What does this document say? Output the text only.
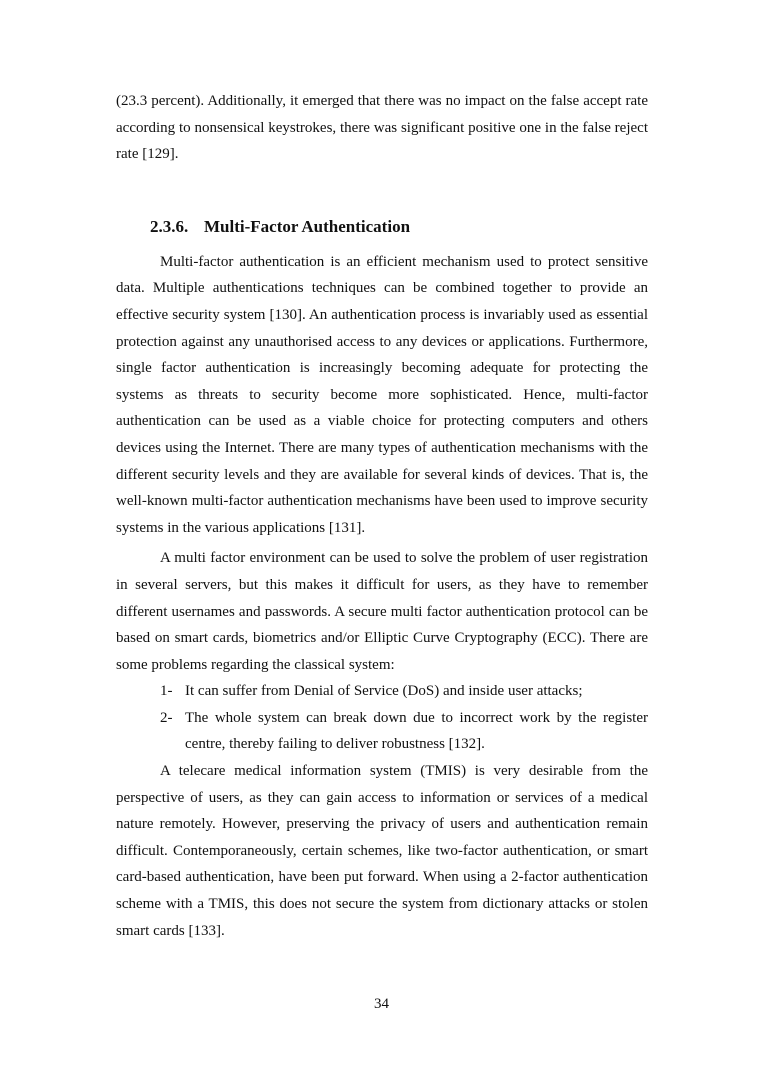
(23.3 percent). Additionally, it emerged that there was no impact on the false accept rate according to nonsensical keystrokes, there was significant positive one in the false reject rate [129].

2.3.6. Multi-Factor Authentication

Multi-factor authentication is an efficient mechanism used to protect sensitive data. Multiple authentications techniques can be combined together to provide an effective security system [130]. An authentication process is invariably used as essential protection against any unauthorised access to any devices or applications. Furthermore, single factor authentication is increasingly becoming adequate for protecting the systems as threats to security become more sophisticated. Hence, multi-factor authentication can be used as a viable choice for protecting computers and others devices using the Internet. There are many types of authentication mechanisms with the different security levels and they are available for several kinds of devices. That is, the well-known multi-factor authentication mechanisms have been used to improve security systems in the various applications [131].

A multi factor environment can be used to solve the problem of user registration in several servers, but this makes it difficult for users, as they have to remember different usernames and passwords. A secure multi factor authentication protocol can be based on smart cards, biometrics and/or Elliptic Curve Cryptography (ECC). There are some problems regarding the classical system:

1- It can suffer from Denial of Service (DoS) and inside user attacks;
2- The whole system can break down due to incorrect work by the register centre, thereby failing to deliver robustness [132].

A telecare medical information system (TMIS) is very desirable from the perspective of users, as they can gain access to information or services of a medical nature remotely. However, preserving the privacy of users and authentication remain difficult. Contemporaneously, certain schemes, like two-factor authentication, or smart card-based authentication, have been put forward. When using a 2-factor authentication scheme with a TMIS, this does not secure the system from dictionary attacks or stolen smart cards [133].

34
